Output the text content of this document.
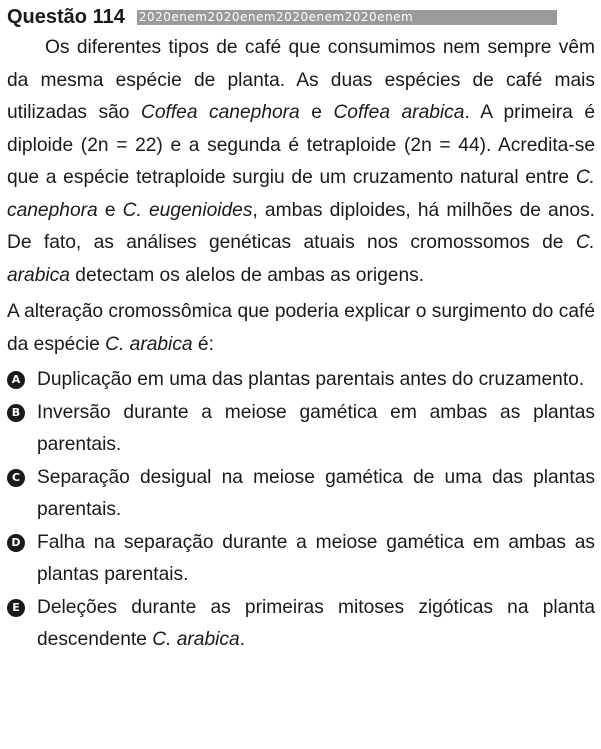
Questão 114 2020enem2020enem2020enem2020enem

Os diferentes tipos de café que consumimos nem sempre vêm da mesma espécie de planta. As duas espécies de café mais utilizadas são Coffea canephora e Coffea arabica. A primeira é diploide (2n = 22) e a segunda é tetraploide (2n = 44). Acredita-se que a espécie tetraploide surgiu de um cruzamento natural entre C. canephora e C. eugenioides, ambas diploides, há milhões de anos. De fato, as análises genéticas atuais nos cromossomos de C. arabica detectam os alelos de ambas as origens.

A alteração cromossômica que poderia explicar o surgimento do café da espécie C. arabica é:

A Duplicação em uma das plantas parentais antes do cruzamento.
B Inversão durante a meiose gamética em ambas as plantas parentais.
C Separação desigual na meiose gamética de uma das plantas parentais.
D Falha na separação durante a meiose gamética em ambas as plantas parentais.
E Deleções durante as primeiras mitoses zigóticas na planta descendente C. arabica.
